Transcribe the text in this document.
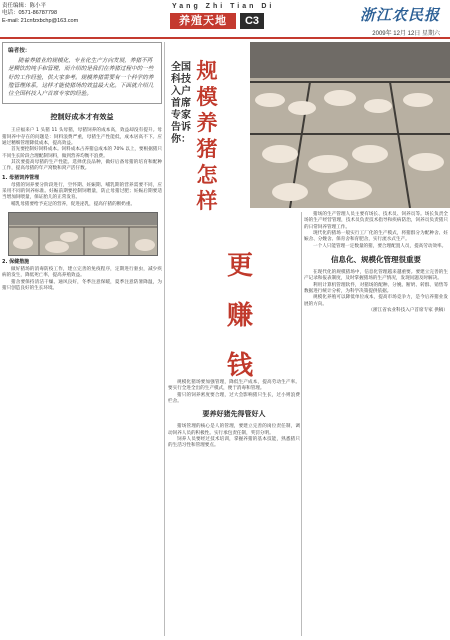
责任编辑：陈小平
电话：0571-86787798
E-mail: 21cnfzxbchp@163.com
Yang Zhi Tian Di
养殖天地	C3	浙江农民报
2009年 12月 12日 星期六
编者按：

随着养猪业的规模化，专业化生产方向发展，养猪不再是糊饮的纯手和管理，而介绍的是我们在养猪过程中的一些好的工作经验，供大家参考。规模养猪需要有一个科学的养殖管理体系，这样才能使猪场的效益最大化。下面就介绍几位全国科技入户首席专家的经验。

控制好成本才有效益

王应福来户 1 头猪 11 头母猪，母猪饲养的成本高，效益却没有提升。母猪饲养中存在的问题是：饲料浪费严重，母猪生产性能低，成本居高不下。应通过精细管理降低成本，提高效益。

首先要控制好饲料成本。饲料成本占养猪总成本的 70% 以上，要根据猪只不同生长阶段合理配制饲料，做到营养均衡不浪费。

其次要提高母猪的生产性能。选择优良品种，做好后备母猪的培育和配种工作，提高母猪的年产窝数和窝产活仔数。

1. 母猪饲养管理

母猪的饲养要分阶段进行，空怀期、妊娠期、哺乳期的营养需要不同，应采用不同的饲养标准。妊娠前期要控制饲喂量，防止母猪过肥；妊娠后期要适当增加饲喂量，保证胎儿的正常发育。

哺乳母猪要给予充足的营养，促进泌乳，提高仔猪的断奶重。

2. 保健措施

做好猪场的消毒防疫工作，建立完善的免疫程序，定期进行驱虫，减少疾病的发生，降低死亡率，提高养殖效益。

猪舍要保持清洁干燥、通风良好，冬季注意保暖，夏季注意防暑降温，为猪只创造良好的生长环境。

全国科技入户首席专家告诉你：
规模养猪怎样
更
赚
钱

规模化猪场要加强管理，降低生产成本，提高劳动生产率。要实行全进全出的生产模式，便于消毒和管理。

猪只的饲养密度要合理，过大会影响猪只生长，过小则浪费栏舍。

要养好猪先得管好人

猪场管理的核心是人的管理，要建立完善的岗位责任制，调动饲养人员的积极性。实行承包责任制，奖罚分明。

饲养人员要经过技术培训，掌握养猪的基本技能，熟悉猪只的生活习性和管理要点。

猪场的生产管理人员主要有场长、技术员、饲养员等。场长负责全场的生产经营管理，技术员负责技术指导和疾病防治，饲养员负责猪只的日常饲养管理工作。

现代化的猪场一般实行工厂化的生产模式，将猪群分为配种舍、妊娠舍、分娩舍、保育舍和育肥舍，实行流水式生产。

一个人只能管理一定数量的猪，要合理配置人员，提高劳动效率。

信息化、规模化管理很重要

在现代化的规模猪场中，信息化管理越来越重要。要建立完善的生产记录和报表制度，及时掌握猪场的生产情况，发现问题及时解决。

利用计算机管理软件，对猪场的配种、分娩、断奶、转群、销售等数据进行统计分析，为科学决策提供依据。

规模化养殖可以降低单位成本，提高市场竞争力，是今后养猪业发展的方向。

（浙江省农业科技入户首席专家 供稿）
